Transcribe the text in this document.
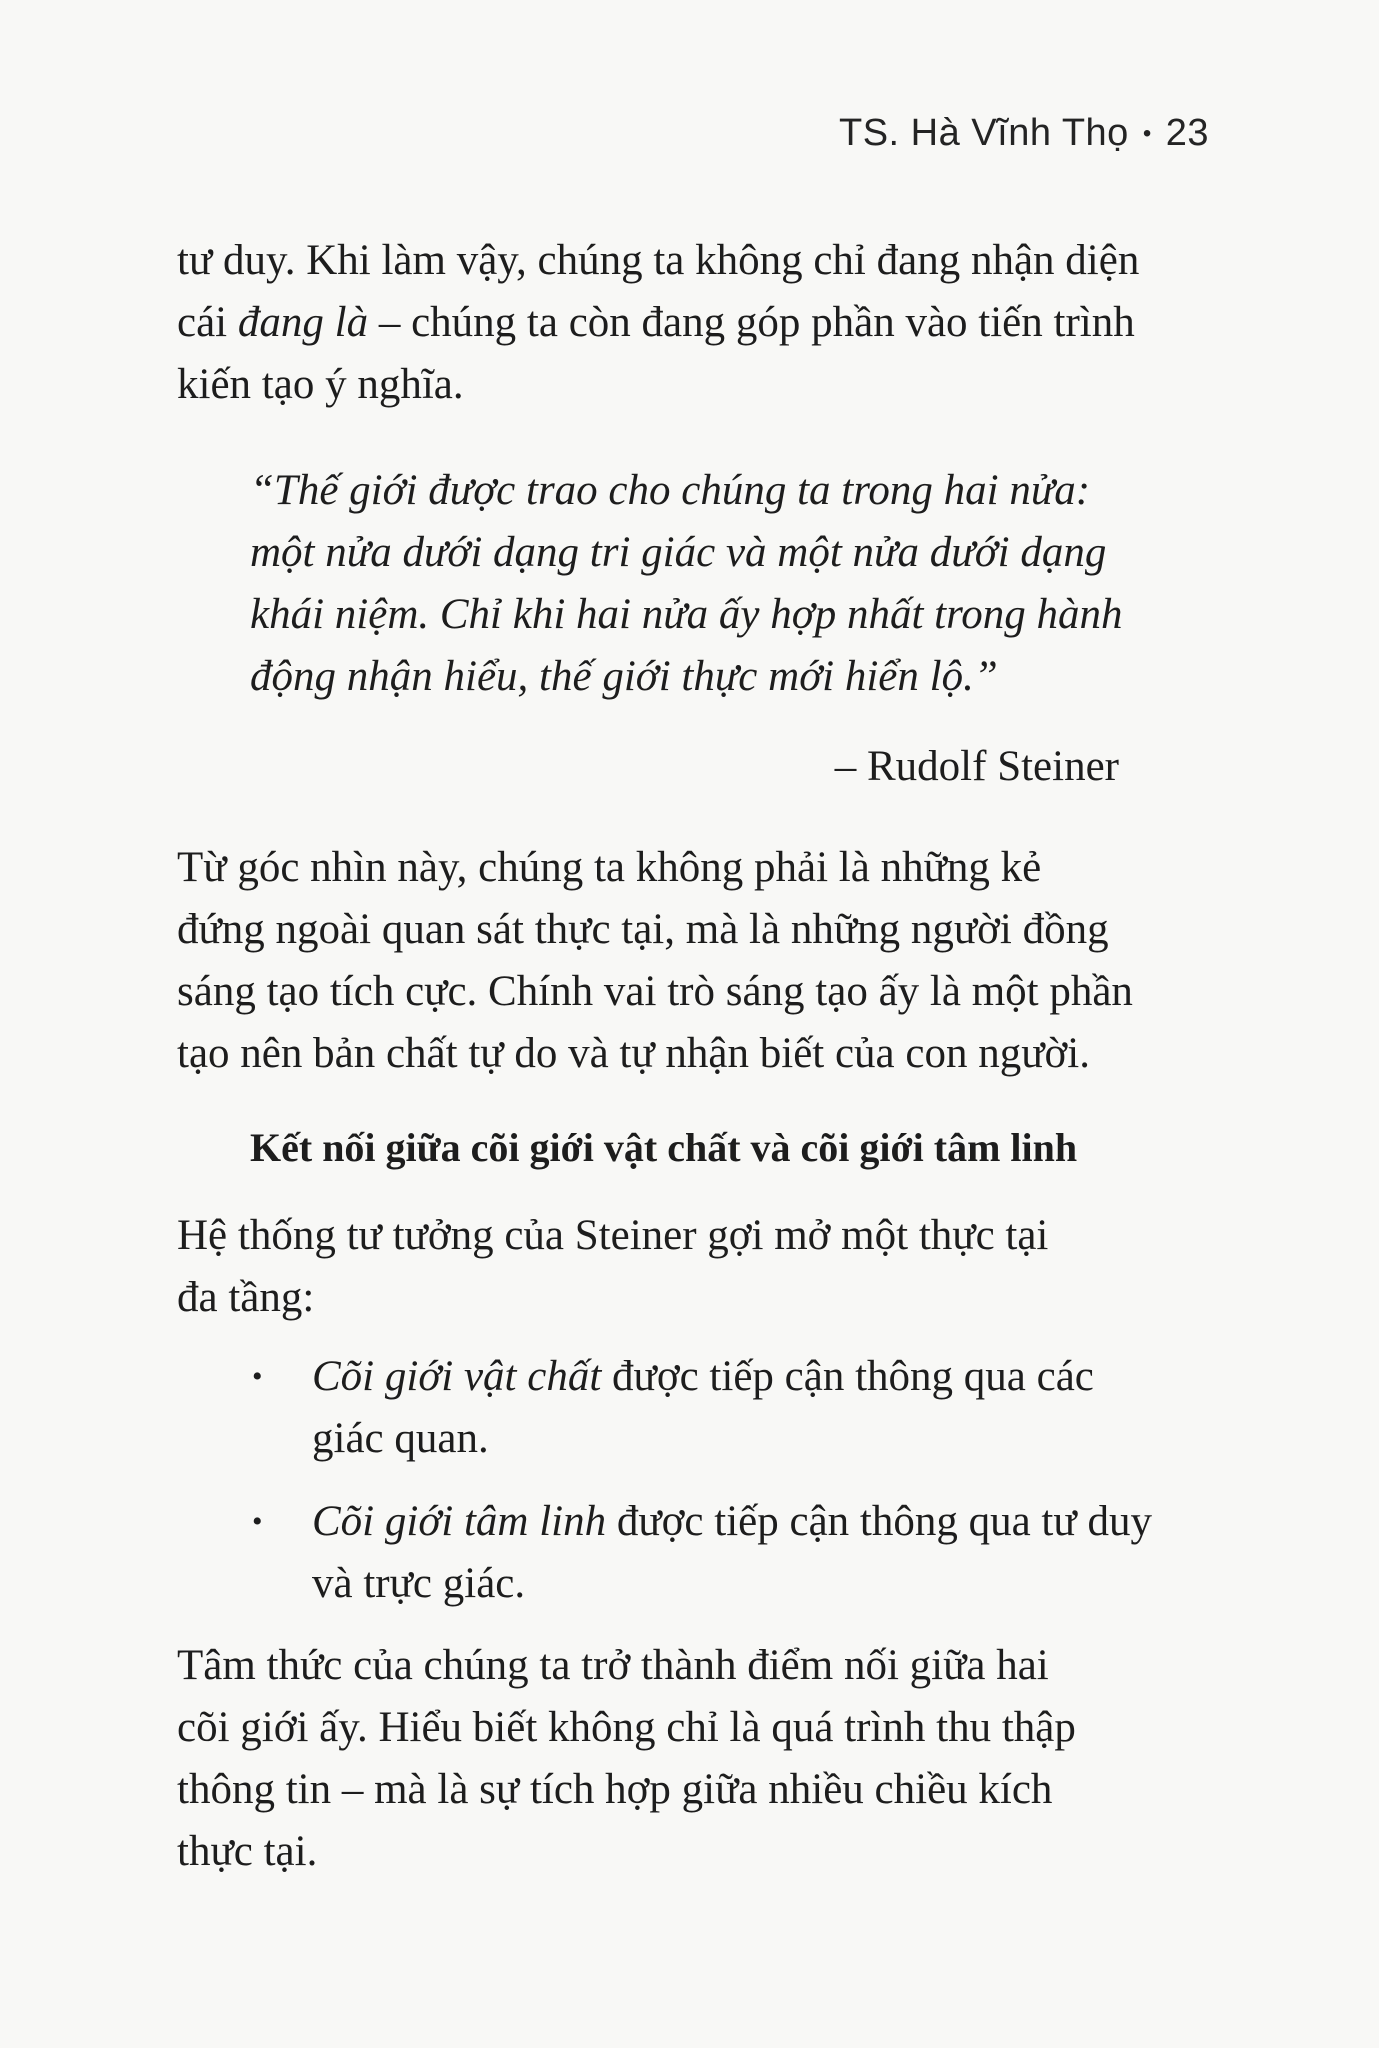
TS. Hà Vĩnh Thọ • 23

tư duy. Khi làm vậy, chúng ta không chỉ đang nhận diện
cái đang là – chúng ta còn đang góp phần vào tiến trình
kiến tạo ý nghĩa.

“Thế giới được trao cho chúng ta trong hai nửa:
một nửa dưới dạng tri giác và một nửa dưới dạng
khái niệm. Chỉ khi hai nửa ấy hợp nhất trong hành
động nhận hiểu, thế giới thực mới hiển lộ.”

– Rudolf Steiner

Từ góc nhìn này, chúng ta không phải là những kẻ
đứng ngoài quan sát thực tại, mà là những người đồng
sáng tạo tích cực. Chính vai trò sáng tạo ấy là một phần
tạo nên bản chất tự do và tự nhận biết của con người.

Kết nối giữa cõi giới vật chất và cõi giới tâm linh

Hệ thống tư tưởng của Steiner gợi mở một thực tại
đa tầng:

• Cõi giới vật chất được tiếp cận thông qua các
giác quan.
• Cõi giới tâm linh được tiếp cận thông qua tư duy
và trực giác.

Tâm thức của chúng ta trở thành điểm nối giữa hai
cõi giới ấy. Hiểu biết không chỉ là quá trình thu thập
thông tin – mà là sự tích hợp giữa nhiều chiều kích
thực tại.
